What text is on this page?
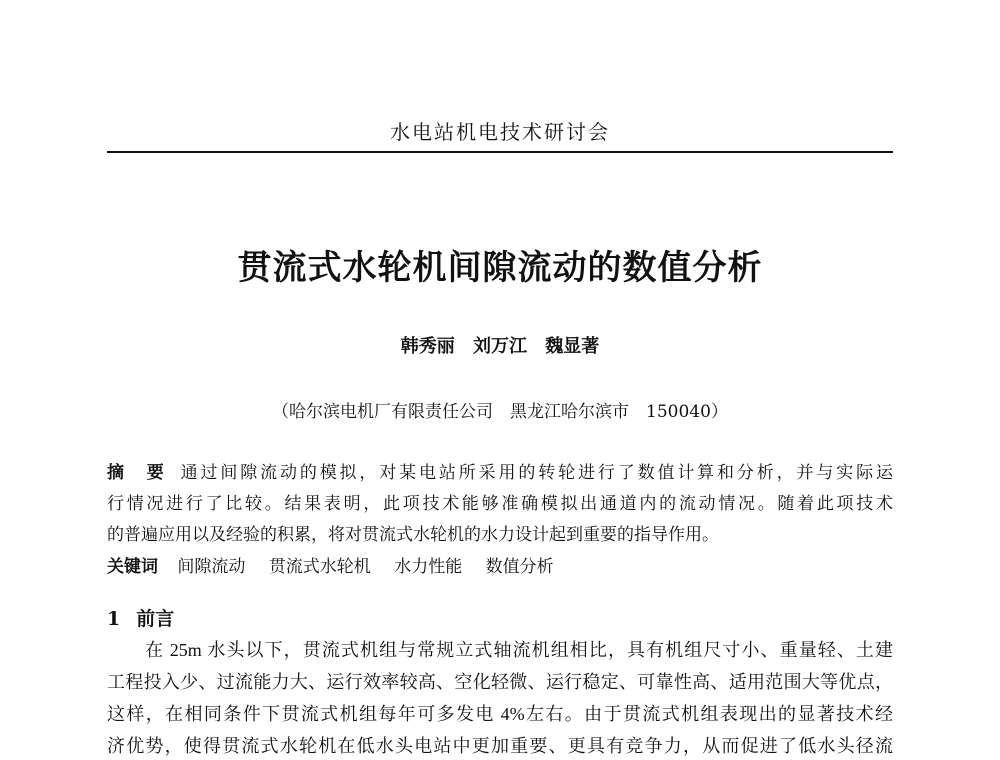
水电站机电技术研讨会
贯流式水轮机间隙流动的数值分析
韩秀丽 刘万江 魏显著
（哈尔滨电机厂有限责任公司　黑龙江哈尔滨市　150040）
摘　要 通过间隙流动的模拟，对某电站所采用的转轮进行了数值计算和分析，并与实际运
行情况进行了比较。结果表明，此项技术能够准确模拟出通道内的流动情况。随着此项技术
的普遍应用以及经验的积累，将对贯流式水轮机的水力设计起到重要的指导作用。
关键词 间隙流动 贯流式水轮机 水力性能 数值分析
1 前言
　　在 25m 水头以下，贯流式机组与常规立式轴流机组相比，具有机组尺寸小、重量轻、土建
工程投入少、过流能力大、运行效率较高、空化轻微、运行稳定、可靠性高、适用范围大等优点，
这样，在相同条件下贯流式机组每年可多发电 4%左右。由于贯流式机组表现出的显著技术经
济优势，使得贯流式水轮机在低水头电站中更加重要、更具有竞争力，从而促进了低水头径流
